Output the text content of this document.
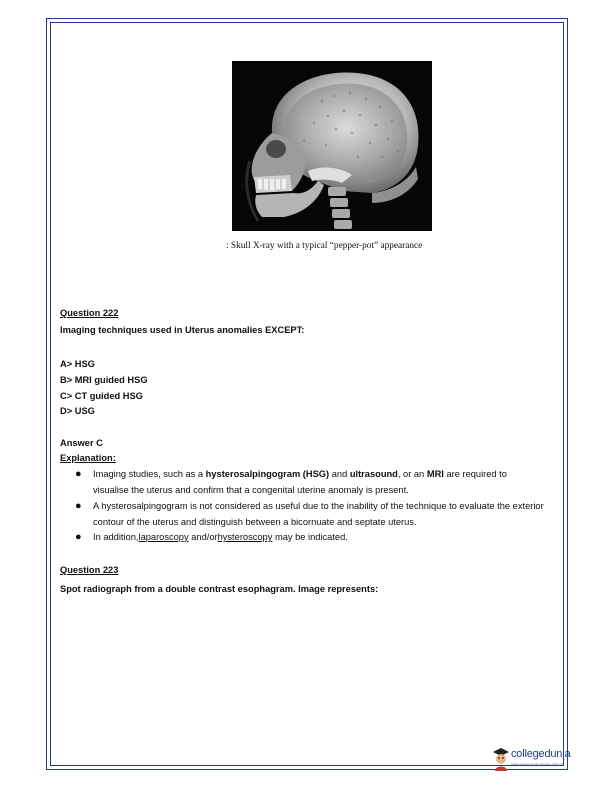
: Skull X-ray with a typical “pepper-pot” appearance
Question 222
Imaging techniques used in Uterus anomalies EXCEPT:
A> HSG
B> MRI guided HSG
C> CT guided HSG
D> USG
Answer C
Explanation:
● Imaging studies, such as a hysterosalpingogram (HSG) and ultrasound, or an MRI are required to visualise the uterus and confirm that a congenital uterine anomaly is present.
● A hysterosalpingogram is not considered as useful due to the inability of the technique to evaluate the exterior contour of the uterus and distinguish between a bicornuate and septate uterus.
● In addition,laparoscopy and/orhysteroscopy may be indicated.
Question 223
Spot radiograph from a double contrast esophagram. Image represents:
collegedunia
India's largest Student Review Platform
